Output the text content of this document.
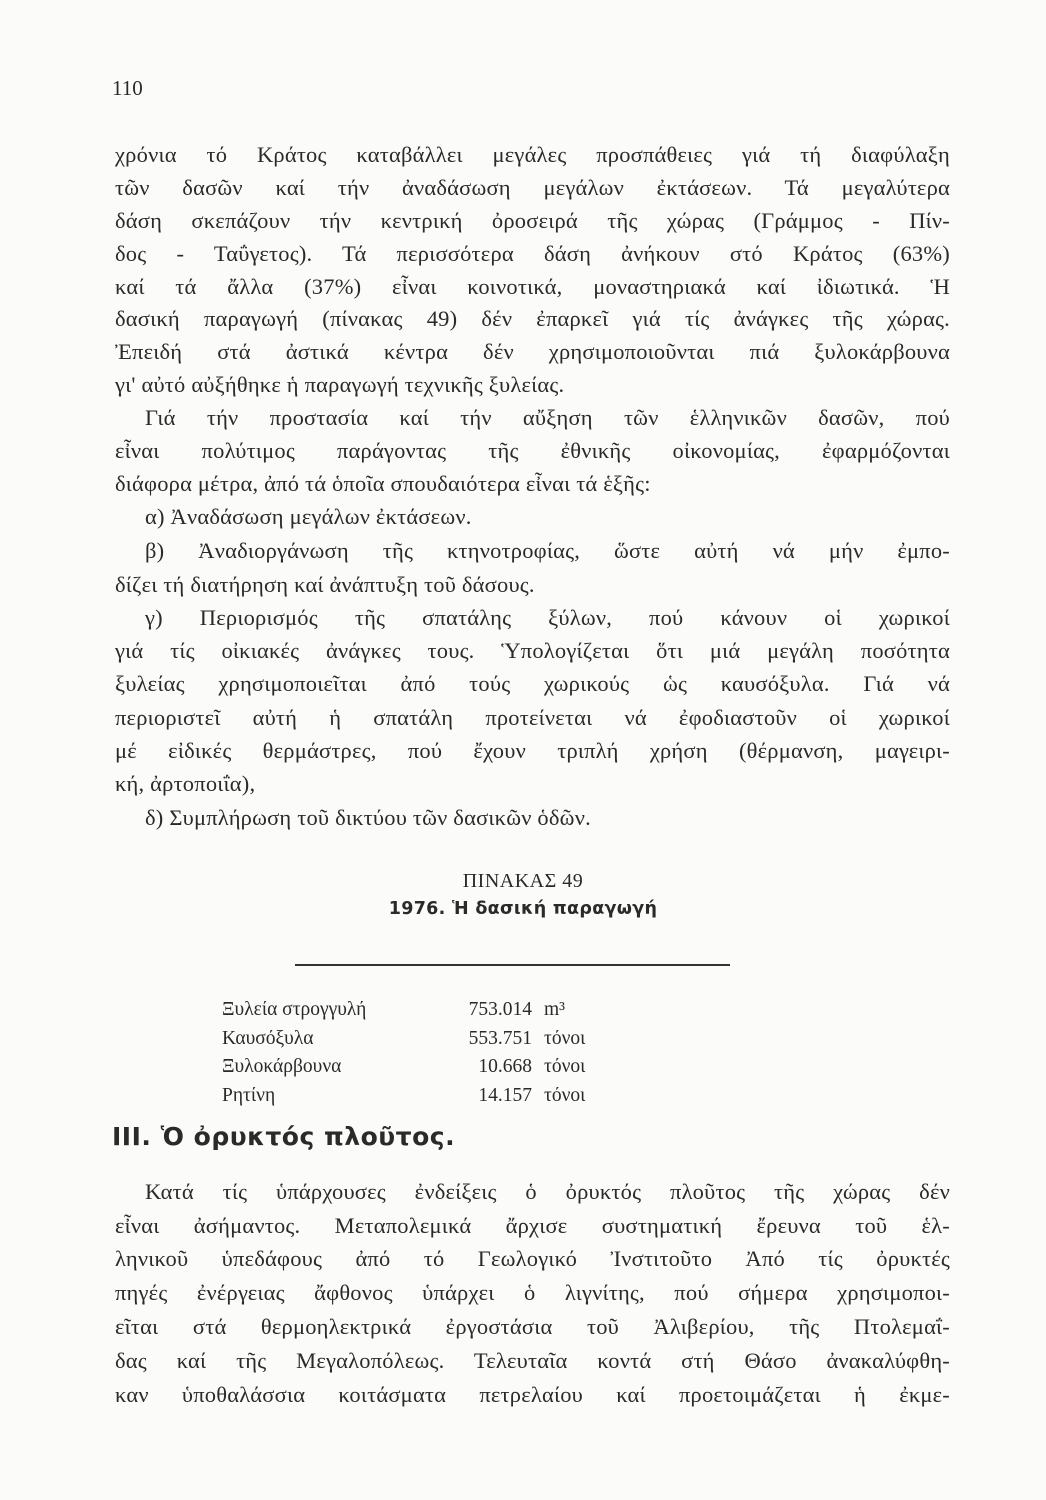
110
χρόνια τό Κράτος καταβάλλει μεγάλες προσπάθειες γιά τή διαφύλαξη
τῶν δασῶν καί τήν ἀναδάσωση μεγάλων ἐκτάσεων. Τά μεγαλύτερα
δάση σκεπάζουν τήν κεντρική ὀροσειρά τῆς χώρας (Γράμμος - Πίν-
δος - Ταΰγετος). Τά περισσότερα δάση ἀνήκουν στό Κράτος (63%)
καί τά ἄλλα (37%) εἶναι κοινοτικά, μοναστηριακά καί ἰδιωτικά. Ἡ
δασική παραγωγή (πίνακας 49) δέν ἐπαρκεῖ γιά τίς ἀνάγκες τῆς χώρας.
Ἐπειδή στά ἀστικά κέντρα δέν χρησιμοποιοῦνται πιά ξυλοκάρβουνα
γι' αὐτό αὐξήθηκε ἡ παραγωγή τεχνικῆς ξυλείας.
Γιά τήν προστασία καί τήν αὔξηση τῶν ἑλληνικῶν δασῶν, πού
εἶναι πολύτιμος παράγοντας τῆς ἐθνικῆς οἰκονομίας, ἐφαρμόζονται
διάφορα μέτρα, ἀπό τά ὁποῖα σπουδαιότερα εἶναι τά ἑξῆς:
α) Ἀναδάσωση μεγάλων ἐκτάσεων.
β) Ἀναδιοργάνωση τῆς κτηνοτροφίας, ὥστε αὐτή νά μήν ἐμπο-
δίζει τή διατήρηση καί ἀνάπτυξη τοῦ δάσους.
γ) Περιορισμός τῆς σπατάλης ξύλων, πού κάνουν οἱ χωρικοί
γιά τίς οἰκιακές ἀνάγκες τους. Ὑπολογίζεται ὅτι μιά μεγάλη ποσότητα
ξυλείας χρησιμοποιεῖται ἀπό τούς χωρικούς ὡς καυσόξυλα. Γιά νά
περιοριστεῖ αὐτή ἡ σπατάλη προτείνεται νά ἐφοδιαστοῦν οἱ χωρικοί
μέ εἰδικές θερμάστρες, πού ἔχουν τριπλή χρήση (θέρμανση, μαγειρι-
κή, ἀρτοποιΐα),
δ) Συμπλήρωση τοῦ δικτύου τῶν δασικῶν ὁδῶν.
ΠΙΝΑΚΑΣ 49
1976. Ἡ δασική παραγωγή
Ξυλεία στρογγυλή	753.014 m³
Καυσόξυλα	553.751 τόνοι
Ξυλοκάρβουνα	10.668 τόνοι
Ρητίνη	14.157 τόνοι
ΙΙΙ. Ὁ ὀρυκτός πλοῦτος.
Κατά τίς ὑπάρχουσες ἐνδείξεις ὁ ὀρυκτός πλοῦτος τῆς χώρας δέν
εἶναι ἀσήμαντος. Μεταπολεμικά ἄρχισε συστηματική ἔρευνα τοῦ ἑλ-
ληνικοῦ ὑπεδάφους ἀπό τό Γεωλογικό Ἰνστιτοῦτο Ἀπό τίς ὀρυκτές
πηγές ἐνέργειας ἄφθονος ὑπάρχει ὁ λιγνίτης, πού σήμερα χρησιμοποι-
εῖται στά θερμοηλεκτρικά ἐργοστάσια τοῦ Ἀλιβερίου, τῆς Πτολεμαΐ-
δας καί τῆς Μεγαλοπόλεως. Τελευταῖα κοντά στή Θάσο ἀνακαλύφθη-
καν ὑποθαλάσσια κοιτάσματα πετρελαίου καί προετοιμάζεται ἡ ἐκμε-
